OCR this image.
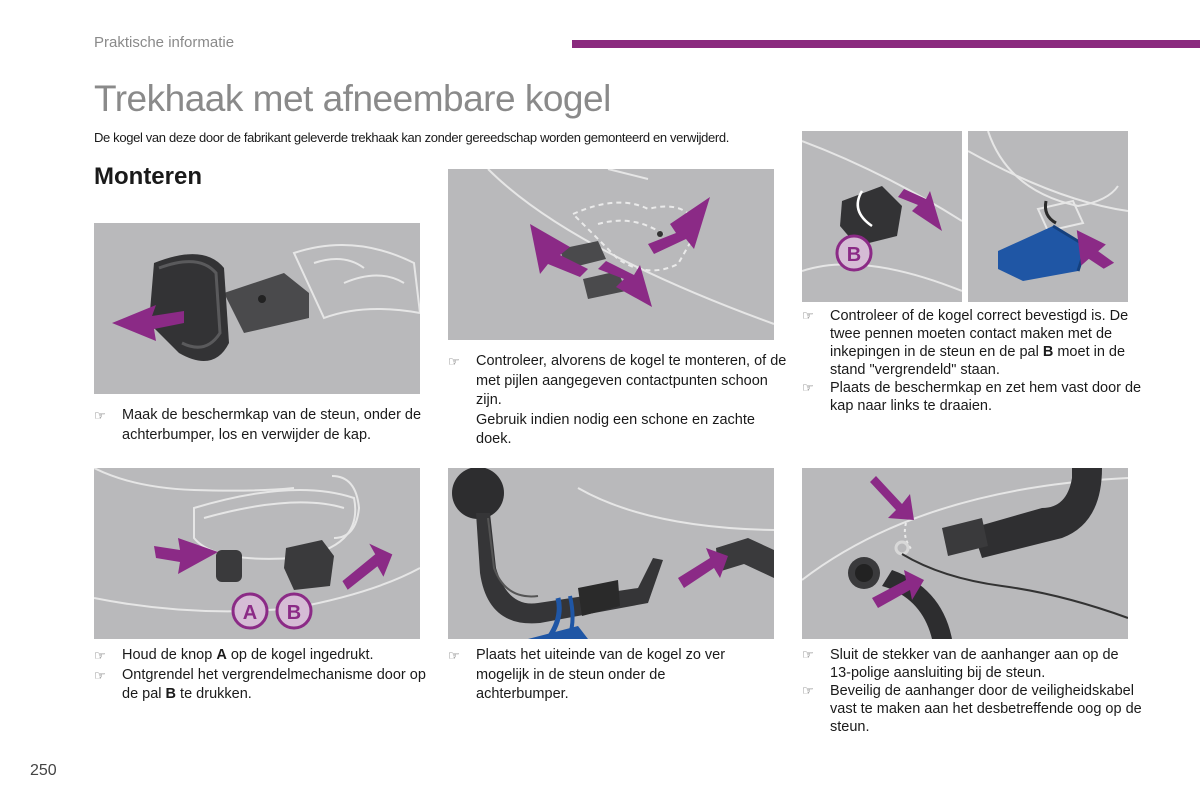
Praktische informatie
Trekhaak met afneembare kogel
De kogel van deze door de fabrikant geleverde trekhaak kan zonder gereedschap worden gemonteerd en verwijderd.
Monteren
B
☞ Maak de beschermkap van de steun, onder de achterbumper, los en verwijder de kap.
☞ Controleer, alvorens de kogel te monteren, of de met pijlen aangegeven contactpunten schoon zijn.
Gebruik indien nodig een schone en zachte doek.
☞ Controleer of de kogel correct bevestigd is. De twee pennen moeten contact maken met de inkepingen in de steun en de pal B moet in de stand "vergrendeld" staan.
☞ Plaats de beschermkap en zet hem vast door de kap naar links te draaien.
A B
☞ Houd de knop A op de kogel ingedrukt.
☞ Ontgrendel het vergrendelmechanisme door op de pal B te drukken.
☞ Plaats het uiteinde van de kogel zo ver mogelijk in de steun onder de achterbumper.
☞ Sluit de stekker van de aanhanger aan op de 13-polige aansluiting bij de steun.
☞ Beveilig de aanhanger door de veiligheidskabel vast te maken aan het desbetreffende oog op de steun.
250
